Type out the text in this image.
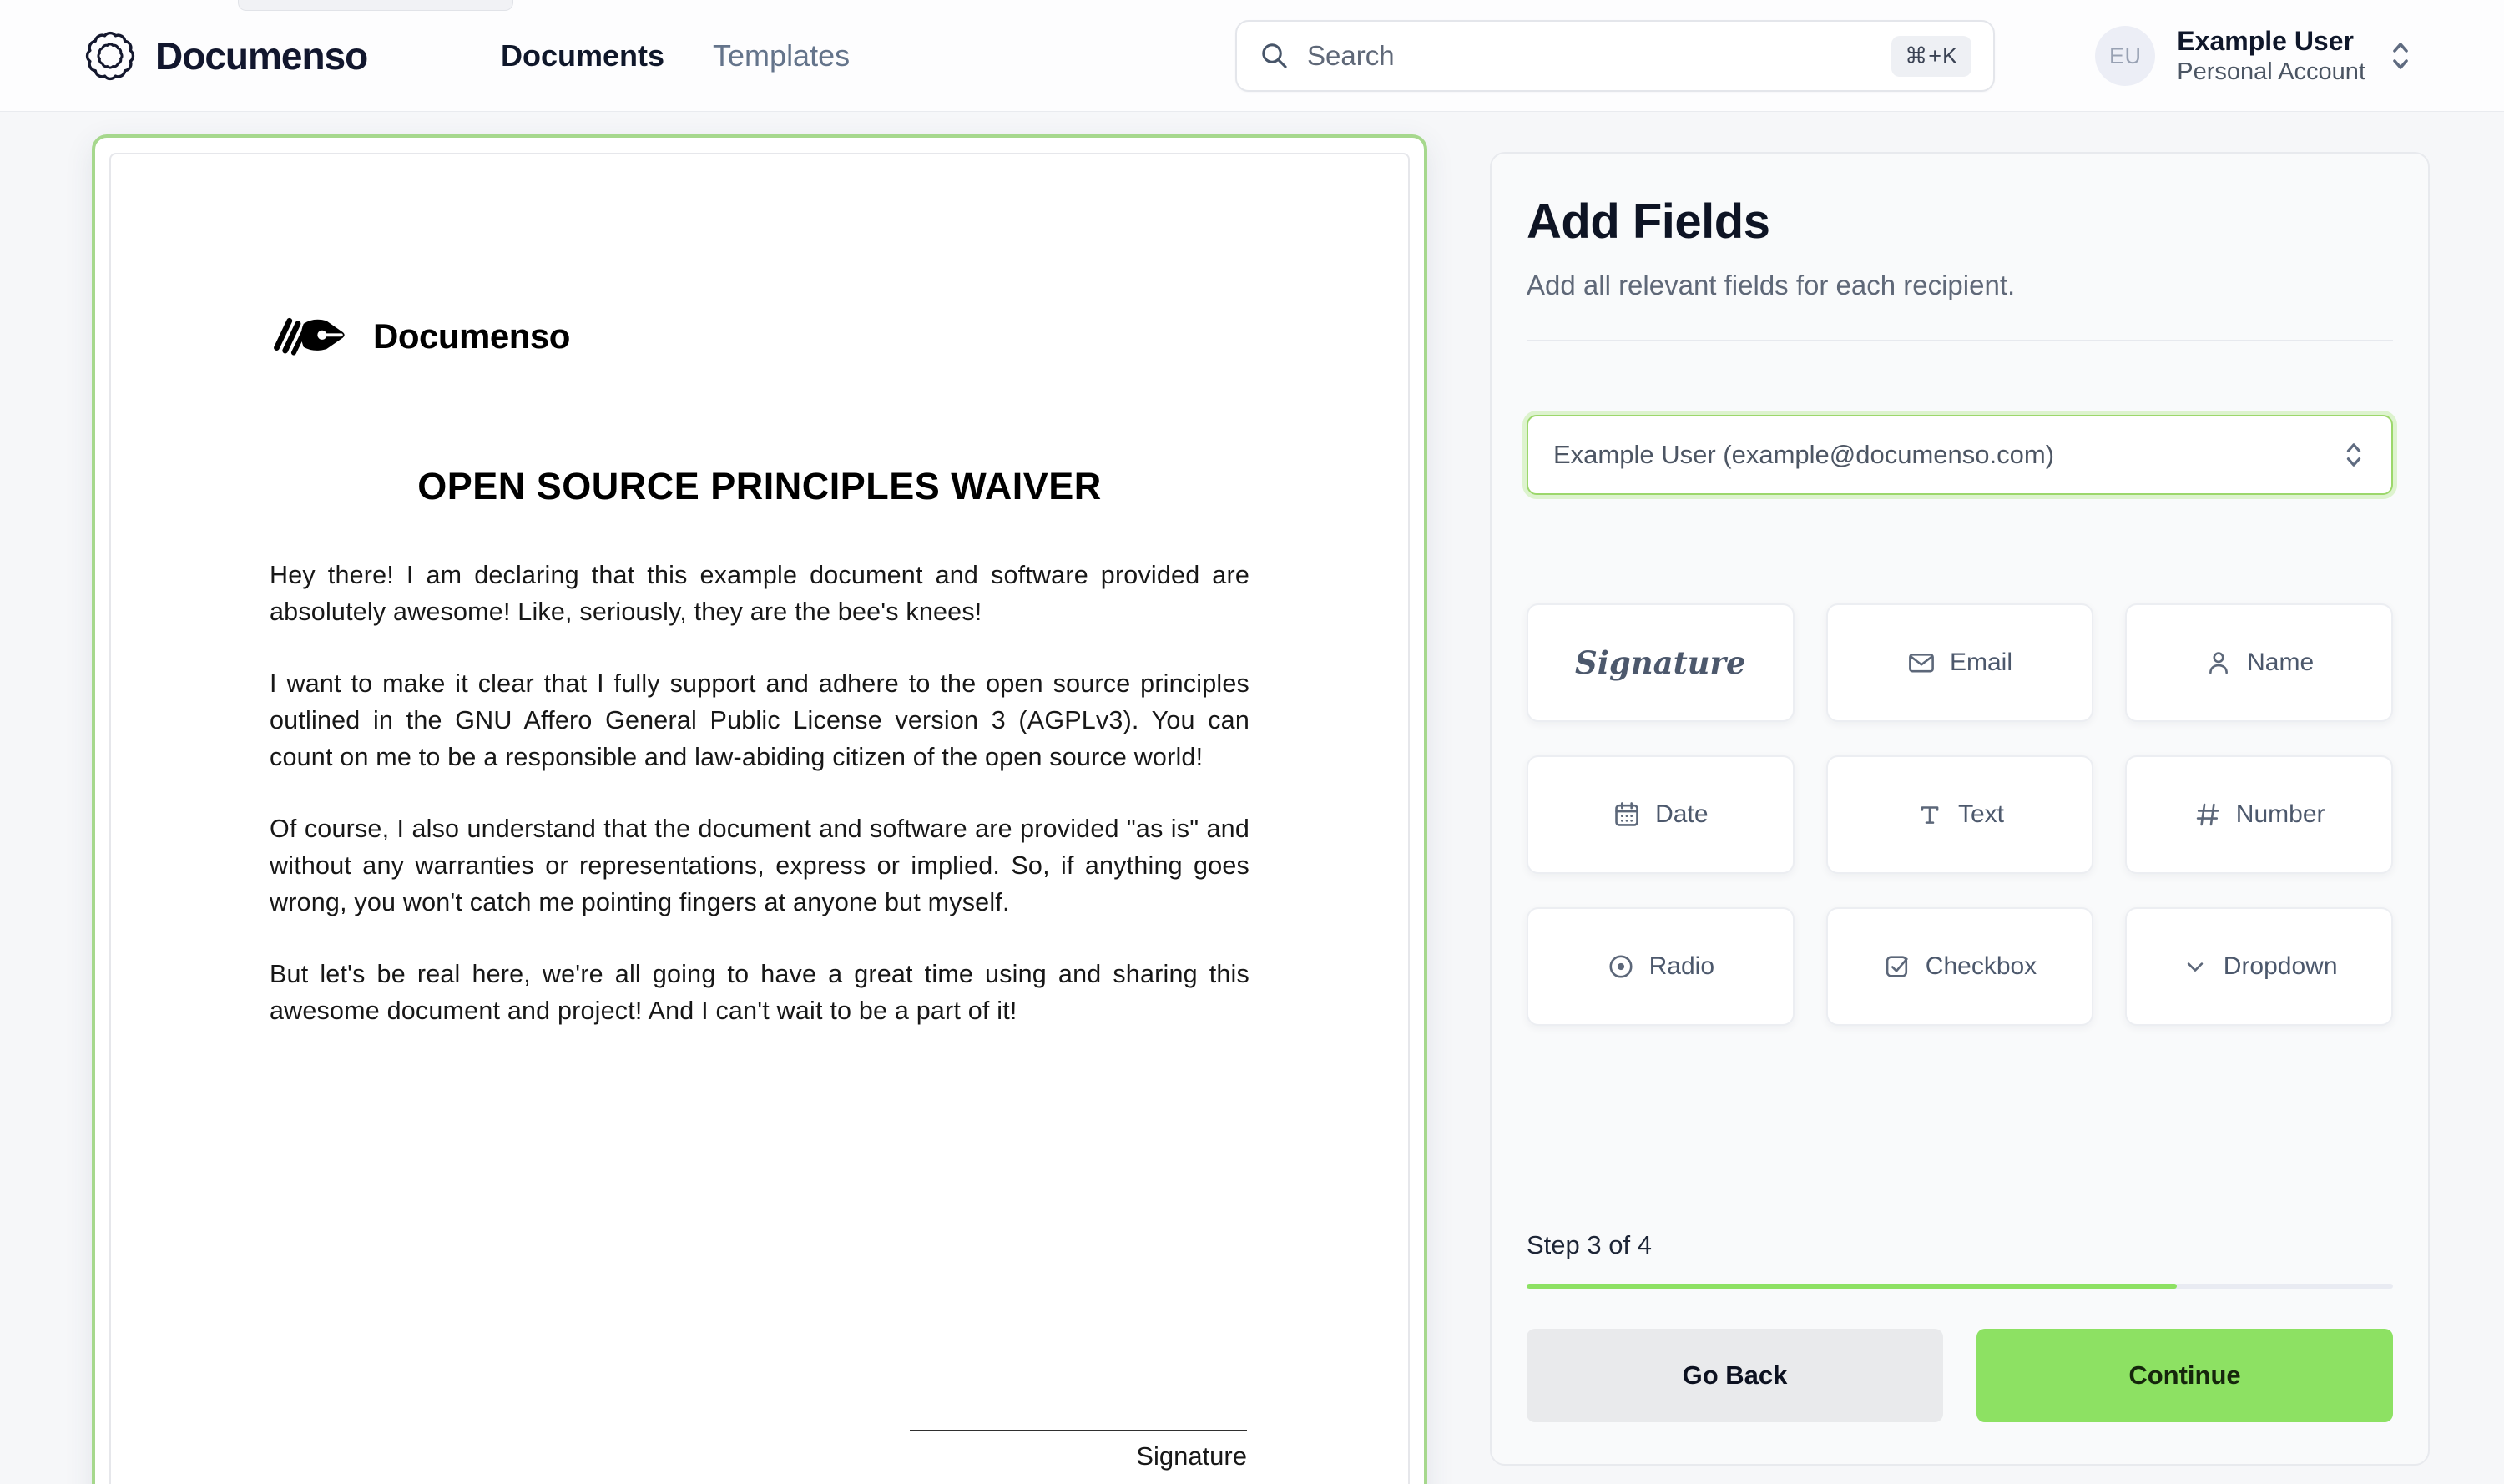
Documenso	Documents Templates	Search	⌘+K	EU	Example User
Personal Account
Documenso
OPEN SOURCE PRINCIPLES WAIVER

Hey there! I am declaring that this example document and software provided are absolutely awesome! Like, seriously, they are the bee's knees!

I want to make it clear that I fully support and adhere to the open source principles outlined in the GNU Affero General Public License version 3 (AGPLv3). You can count on me to be a responsible and law-abiding citizen of the open source world!

Of course, I also understand that the document and software are provided "as is" and without any warranties or representations, express or implied. So, if anything goes wrong, you won't catch me pointing fingers at anyone but myself.

But let's be real here, we're all going to have a great time using and sharing this awesome document and project! And I can't wait to be a part of it!

Signature
Add Fields
Add all relevant fields for each recipient.
Example User (example@documenso.com)
Signature	Email	Name
Date	Text	Number
Radio	Checkbox	Dropdown
Step 3 of 4
Go Back	Continue
